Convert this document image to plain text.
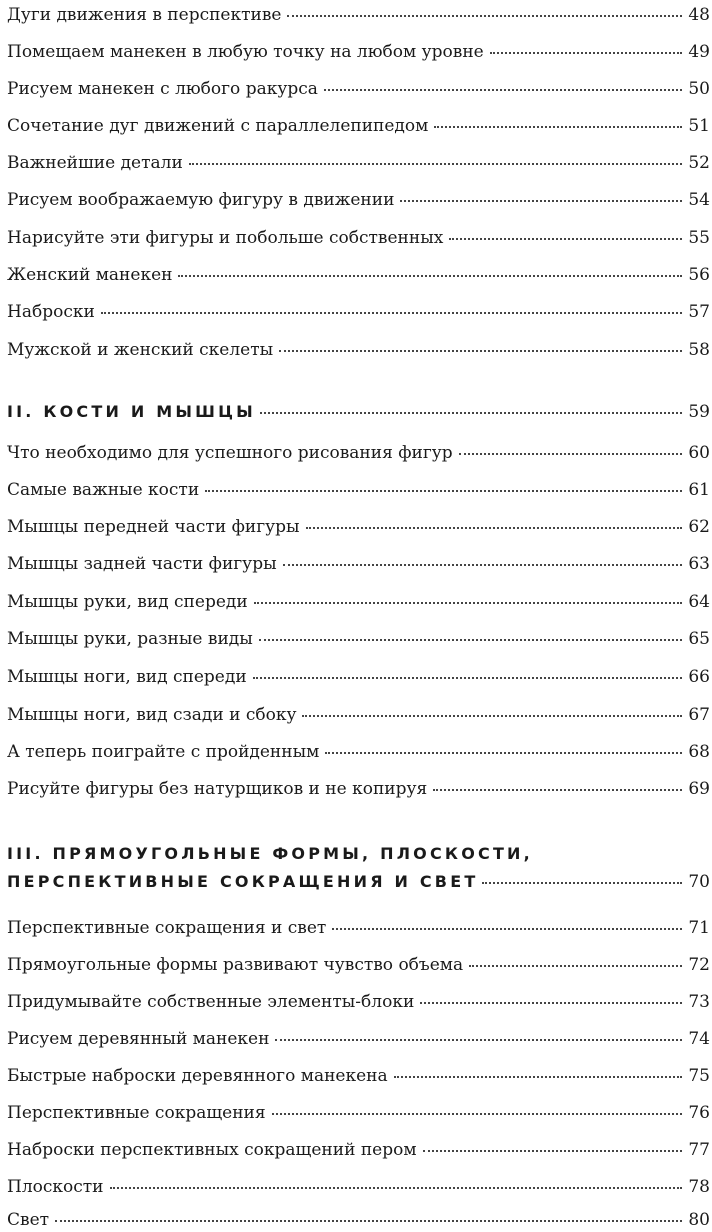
Дуги движения в перспективе	48
Помещаем манекен в любую точку на любом уровне	49
Рисуем манекен с любого ракурса	50
Сочетание дуг движений с параллелепипедом	51
Важнейшие детали	52
Рисуем воображаемую фигуру в движении	54
Нарисуйте эти фигуры и побольше собственных	55
Женский манекен	56
Наброски	57
Мужской и женский скелеты	58
II. КОСТИ И МЫШЦЫ	59
Что необходимо для успешного рисования фигур	60
Самые важные кости	61
Мышцы передней части фигуры	62
Мышцы задней части фигуры	63
Мышцы руки, вид спереди	64
Мышцы руки, разные виды	65
Мышцы ноги, вид спереди	66
Мышцы ноги, вид сзади и сбоку	67
А теперь поиграйте с пройденным	68
Рисуйте фигуры без натурщиков и не копируя	69
III. ПРЯМОУГОЛЬНЫЕ ФОРМЫ, ПЛОСКОСТИ,
ПЕРСПЕКТИВНЫЕ СОКРАЩЕНИЯ И СВЕТ	70
Перспективные сокращения и свет	71
Прямоугольные формы развивают чувство объема	72
Придумывайте собственные элементы-блоки	73
Рисуем деревянный манекен	74
Быстрые наброски деревянного манекена	75
Перспективные сокращения	76
Наброски перспективных сокращений пером	77
Плоскости	78
Свет	80
